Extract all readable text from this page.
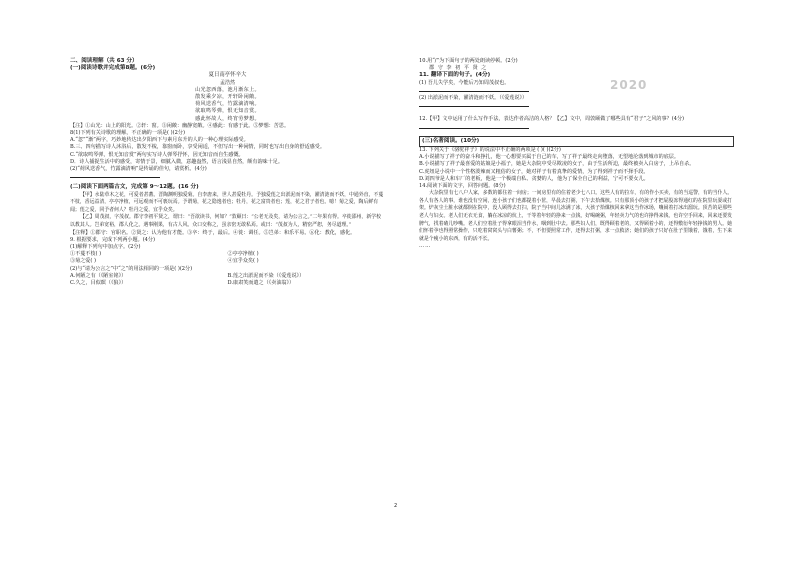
2020

二、阅读理解（共 63 分）

(一)阅读诗歌并完成第8题。(6分)

夏日南亭怀辛大

孟浩然

山光忽西落，池月渐东上。

散发乘夕凉，开轩卧闲敞。

荷风送香气，竹露滴清响。

欲取鸣琴弹，恨无知音赏。

感此怀故人，终宵劳梦想。

【注】①山光：山上的阳光。②轩：窗。③闲敞：幽静宽敞。④感此：有感于此。⑤梦想：苦思。

8(1)下列有关诗歌的理解，不正确的一项是( )(2分)

A.“忽”“渐”两字，巧妙地传达出夕阳西下与素月东升的人的一种心理实际感受。

B.三、四句描写诗人沐浴后，散发不梳，靠窗而卧，享受闲适，不但写出一种闲情，同时也写出自身的舒适感受。

C.“欲取鸣琴弹，恨无知音赏”两句实写诗人弹琴抒怀，因无知音而自生感慨。

D．诗人捕捉生活中的感受，寄情于景，细腻入微，意趣盎然，语言浅显自然，颇有韵味十足。

(2)“荷风送香气，竹露滴清响”是传诵的佳句，请赏析。(4分)

(二)阅读下面两篇古文，完成第 9～12题。(16 分)

【甲】水陆草木之花，可爱者甚蕃。晋陶渊明独爱菊。自李唐来，世人甚爱牡丹。予独爱莲之出淤泥而不染，濯清涟而不妖，中通外直，不蔓不枝，香远益清，亭亭净植，可远观而不可亵玩焉。予谓菊，花之隐逸者也；牡丹，花之富贵者也；莲，花之君子者也。噫！菊之爱，陶后鲜有闻；莲之爱，同予者何人？牡丹之爱，宜乎众矣。

【乙】周茂叔，字茂叔。郡守李初平贤之，谓曰：“吾欲读书，何如？”敦颐曰：“公老无及矣，请为公言之。”二年果有得。卒徙邵州，新学校以教其人。岂弟宽裕，郡人化之。遇事刚果，有古人风。众口交称之，虽亲密无敢私焉。或曰：“茂叔为人，精密严恕，务尽道理。”

【注释】①郡守：官职名。②贤之：认为他有才能。③卒：终于，最后。④徙：调任。⑤岂弟：和乐平易。⑥化：教化，感化。

9. 根据要求，完成下列两小题。(4分)

(1)解释下列句中加点字。(2分)

①不蔓不枝( )	②亭亭净植( )
③菊之爱( )	④宜乎众矣( )

(2)与“请为公言之”中“之”的用法相同的一项是( )(2分)

A.何陋之有（《陋室铭》）	B.莲之出淤泥而不染（《爱莲说》）
C.久之，目似瞑（《狼》）	D.康肃笑而遣之（《卖油翁》）

10.用“/”为下面句子的两处朗读停顿。(2分)

郡 守 李 初 平 贤 之

11. 翻译下面的句子。(4分)

(1) 吾儿失学矣，今能后乃知周茂叔也。

(2) 出淤泥而不染，濯清涟而不妖。（《爱莲说》）

12.【甲】文中运用了什么写作手法，表达作者高洁的人格？【乙】文中，周敦颐做了哪些具有“君子”之风的事？(4分)

(三)名著阅读。(10分)

13. 下列关于《骆驼祥子》的说法中不正确的两项是 ( )( )(2分)

A.小说描写了祥子的奋斗和挣扎，他一心想要买属于自己的车，写了祥子最终走向堕落，无望地沦落到城市的底层。

B.小说描写了祥子最喜爱的姑娘是小福子，她是大杂院中受尽欺凌的女子，由于生活所迫，最终被卖入白房子，上吊自杀。

C.虎妞是小说中一个性格泼辣而又粗俗的女子，她对祥子有着真挚的爱情，为了得到祥子而不择手段。

D.刘四爷是人和车厂的老板，他是一个极端自私、贪婪的人，他为了保全自己的利益，宁可不要女儿。

14.阅读下面的文字，回答问题。(8分)

大杂院里有七八户人家，多数的都住着一间房；一间房里有的住着老少七八口。这些人有的拉车，有的作小买卖，有的当巡警，有的当仆人。各人有各人的事，谁也没有空闲，连小孩子们也都提着小筐，早晨去打粥，下午去拾煤核。只有那顶小的孩子才把屁股冻得通红的在院里玩耍或打架。炉灰尘土脏水就都倒在院中，没人顾得去打扫，院子当中间儿冻满了冰，大孩子拾煤核回来拿这当作冰场，嚷闹着打冰出溜玩。顶苦的是那些老人与妇女。老人们无衣无食，躺在冰凉的炕上，干等着年轻的挣来一点钱，好喝碗粥，年轻卖力气的也许挣得来钱，也许空手回来，回来还要发脾气，找着碴儿吵嘴。老人们空着肚子得拿眼泪当作水，咽到肚中去。那些妇人们，既得顾着老的，又得顾着小的，还得敷衍年轻挣钱的男人。她们怀着孕也得照常操作，只吃着窝窝头与白薯粥；不，不但要照常工作，还得去打粥，求一点救济；她们的孩子只好在肚子里饿着，饿着，生下来就是个瘦小的东西，有的活不长。

……

2
